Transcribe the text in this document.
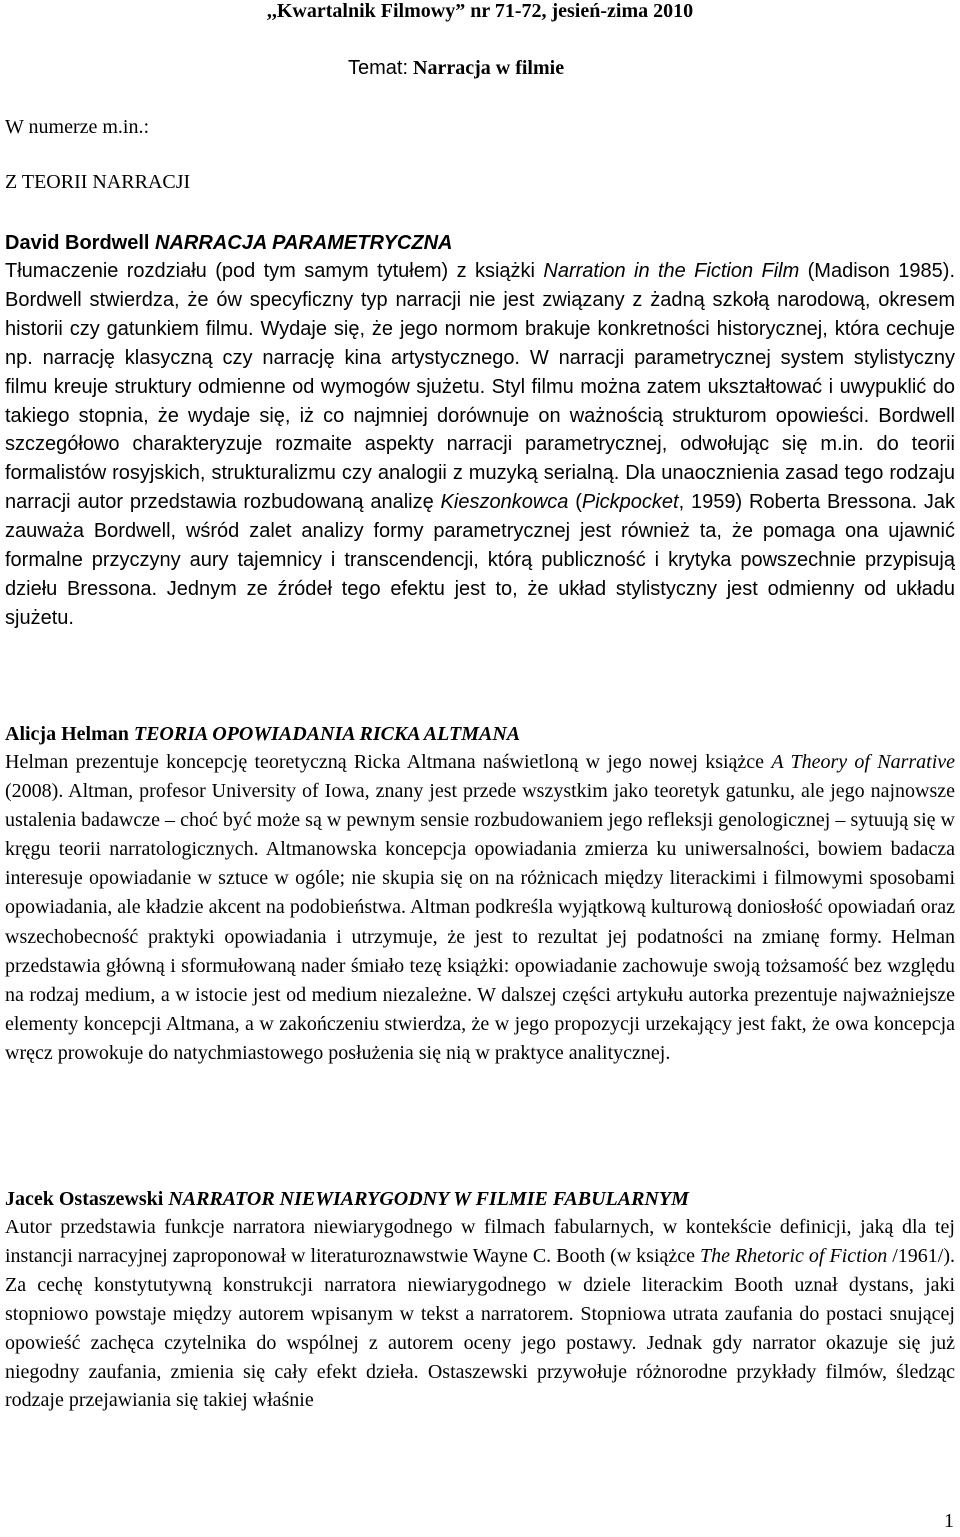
,,Kwartalnik Filmowy” nr 71-72, jesień-zima 2010
Temat: Narracja w filmie
W numerze m.in.:
Z TEORII NARRACJI
David Bordwell NARRACJA PARAMETRYCZNA
Tłumaczenie rozdziału (pod tym samym tytułem) z książki Narration in the Fiction Film (Madison 1985). Bordwell stwierdza, że ów specyficzny typ narracji nie jest związany z żadną szkołą narodową, okresem historii czy gatunkiem filmu. Wydaje się, że jego normom brakuje konkretności historycznej, która cechuje np. narrację klasyczną czy narrację kina artystycznego. W narracji parametrycznej system stylistyczny filmu kreuje struktury odmienne od wymogów sjużetu. Styl filmu można zatem ukształtować i uwypuklić do takiego stopnia, że wydaje się, iż co najmniej dorównuje on ważnością strukturom opowieści. Bordwell szczegółowo charakteryzuje rozmaite aspekty narracji parametrycznej, odwołując się m.in. do teorii formalistów rosyjskich, strukturalizmu czy analogii z muzyką serialną. Dla unaocznienia zasad tego rodzaju narracji autor przedstawia rozbudowaną analizę Kieszonkowca (Pickpocket, 1959) Roberta Bressona. Jak zauważa Bordwell, wśród zalet analizy formy parametrycznej jest również ta, że pomaga ona ujawnić formalne przyczyny aury tajemnicy i transcendencji, którą publiczność i krytyka powszechnie przypisują dziełu Bressona. Jednym ze źródeł tego efektu jest to, że układ stylistyczny jest odmienny od układu sjużetu.
Alicja Helman TEORIA OPOWIADANIA RICKA ALTMANA
Helman prezentuje koncepcję teoretyczną Ricka Altmana naświetloną w jego nowej książce A Theory of Narrative (2008). Altman, profesor University of Iowa, znany jest przede wszystkim jako teoretyk gatunku, ale jego najnowsze ustalenia badawcze – choć być może są w pewnym sensie rozbudowaniem jego refleksji genologicznej – sytuują się w kręgu teorii narratologicznych. Altmanowska koncepcja opowiadania zmierza ku uniwersalności, bowiem badacza interesuje opowiadanie w sztuce w ogóle; nie skupia się on na różnicach między literackimi i filmowymi sposobami opowiadania, ale kładzie akcent na podobieństwa. Altman podkreśla wyjątkową kulturową doniosłość opowiadań oraz wszechobecność praktyki opowiadania i utrzymuje, że jest to rezultat jej podatności na zmianę formy. Helman przedstawia główną i sformułowaną nader śmiało tezę książki: opowiadanie zachowuje swoją tożsamość bez względu na rodzaj medium, a w istocie jest od medium niezależne. W dalszej części artykułu autorka prezentuje najważniejsze elementy koncepcji Altmana, a w zakończeniu stwierdza, że w jego propozycji urzekający jest fakt, że owa koncepcja wręcz prowokuje do natychmiastowego posłużenia się nią w praktyce analitycznej.
Jacek Ostaszewski NARRATOR NIEWIARYGODNY W FILMIE FABULARNYM
Autor przedstawia funkcje narratora niewiarygodnego w filmach fabularnych, w kontekście definicji, jaką dla tej instancji narracyjnej zaproponował w literaturoznawstwie Wayne C. Booth (w książce The Rhetoric of Fiction /1961/). Za cechę konstytutywną konstrukcji narratora niewiarygodnego w dziele literackim Booth uznał dystans, jaki stopniowo powstaje między autorem wpisanym w tekst a narratorem. Stopniowa utrata zaufania do postaci snującej opowieść zachęca czytelnika do wspólnej z autorem oceny jego postawy. Jednak gdy narrator okazuje się już niegodny zaufania, zmienia się cały efekt dzieła. Ostaszewski przywołuje różnorodne przykłady filmów, śledząc rodzaje przejawiania się takiej właśnie
1
